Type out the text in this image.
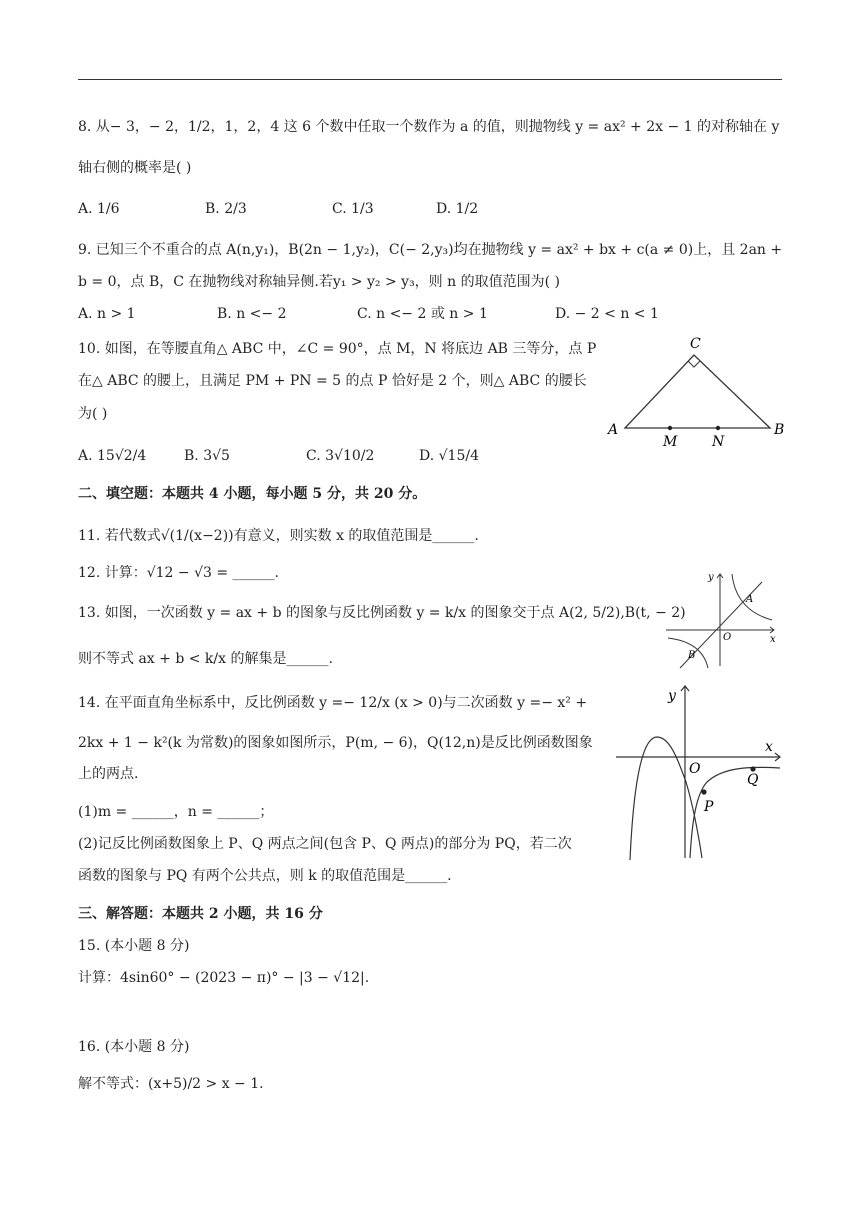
8. 从− 3，− 2，1/2，1，2，4 这 6 个数中任取一个数作为 a 的值，则抛物线 y = ax² + 2x − 1 的对称轴在 y
轴右侧的概率是( )
A. 1/6	B. 2/3	C. 1/3	D. 1/2
9. 已知三个不重合的点 A(n,y₁)，B(2n − 1,y₂)，C(− 2,y₃)均在抛物线 y = ax² + bx + c(a ≠ 0)上，且 2an +
b = 0，点 B，C 在抛物线对称轴异侧.若y₁ > y₂ > y₃，则 n 的取值范围为( )
A. n > 1	B. n <− 2	C. n <− 2 或 n > 1	D. − 2 < n < 1
10. 如图，在等腰直角△ ABC 中，∠C = 90°，点 M，N 将底边 AB 三等分，点 P
在△ ABC 的腰上，且满足 PM + PN = 5 的点 P 恰好是 2 个，则△ ABC 的腰长
为( )
A. 15√2/4	B. 3√5	C. 3√10/2	D. √15/4
C
A	B
M N
二、填空题：本题共 4 小题，每小题 5 分，共 20 分。
11. 若代数式√(1/(x−2))有意义，则实数 x 的取值范围是______.
12. 计算：√12 − √3 = ______.
13. 如图，一次函数 y = ax + b 的图象与反比例函数 y = k/x 的图象交于点 A(2, 5/2),B(t, − 2)
则不等式 ax + b < k/x 的解集是______.
y
x
O
A
B
14. 在平面直角坐标系中，反比例函数 y =− 12/x (x > 0)与二次函数 y =− x² +
2kx + 1 − k²(k 为常数)的图象如图所示，P(m, − 6)，Q(12,n)是反比例函数图象
上的两点.
(1)m = ______，n = ______；
(2)记反比例函数图象上 P、Q 两点之间(包含 P、Q 两点)的部分为 PQ，若二次
函数的图象与 PQ 有两个公共点，则 k 的取值范围是______.
y
x
O
P
Q
三、解答题：本题共 2 小题，共 16 分
15. (本小题 8 分)
计算：4sin60° − (2023 − π)° − |3 − √12|.
16. (本小题 8 分)
解不等式：(x+5)/2 > x − 1.
